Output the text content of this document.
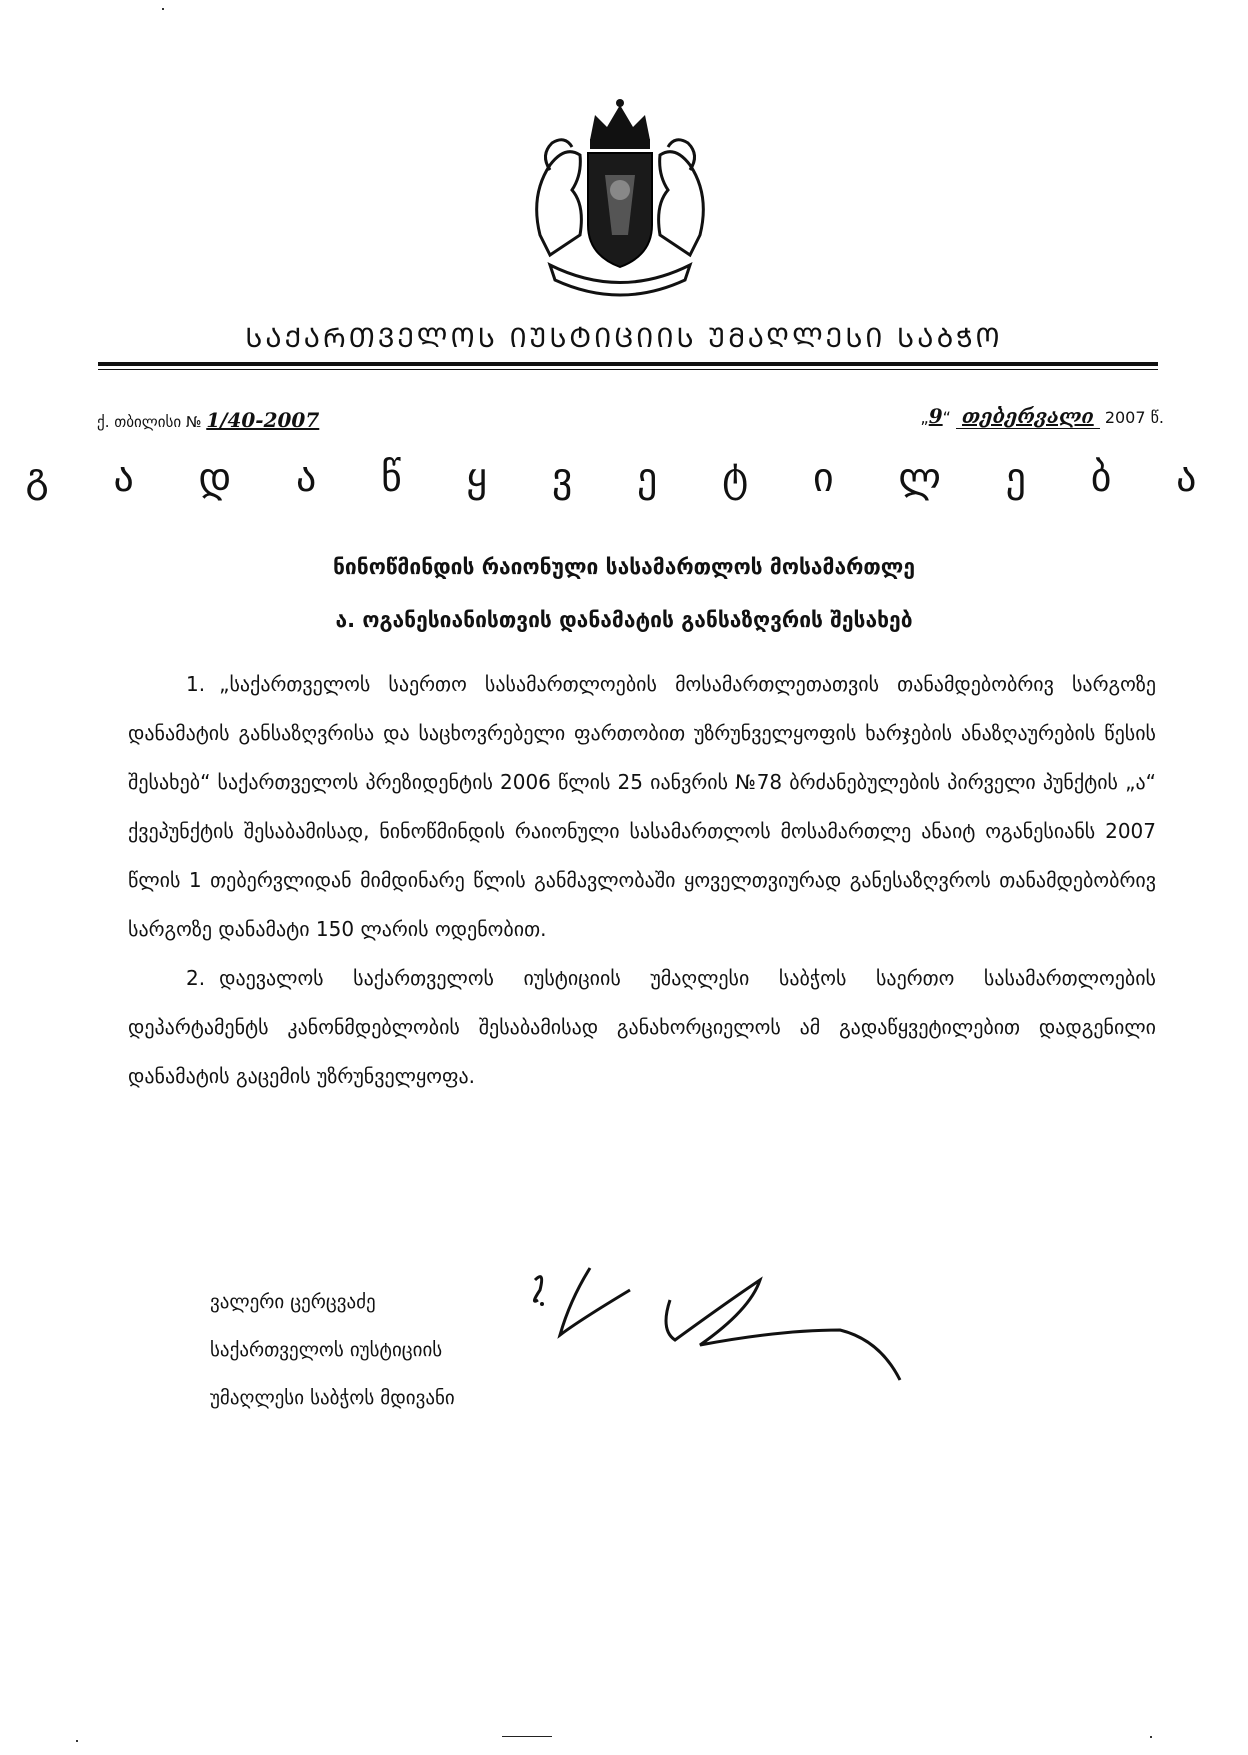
ᲡᲐᲥᲐᲠᲗᲕᲔᲚᲝᲡ ᲘᲣᲡᲢᲘᲪᲘᲘᲡ ᲣᲛᲐᲦᲚᲔᲡᲘ ᲡᲐᲑᲭᲝ
ქ. თბილისი № 1/40-2007	„9“ თებერვალი 2007 წ.
გ ა დ ა წ ყ ვ ე ტ ი ლ ე ბ ა
ნინოწმინდის რაიონული სასამართლოს მოსამართლე
ა. ოგანესიანისთვის დანამატის განსაზღვრის შესახებ

1. „საქართველოს საერთო სასამართლოების მოსამართლეთათვის თანამდებობრივ სარგოზე დანამატის განსაზღვრისა და საცხოვრებელი ფართობით უზრუნველყოფის ხარჯების ანაზღაურების წესის შესახებ“ საქართველოს პრეზიდენტის 2006 წლის 25 იანვრის №78 ბრძანებულების პირველი პუნქტის „ა“ ქვეპუნქტის შესაბამისად, ნინოწმინდის რაიონული სასამართლოს მოსამართლე ანაიტ ოგანესიანს 2007 წლის 1 თებერვლიდან მიმდინარე წლის განმავლობაში ყოველთვიურად განესაზღვროს თანამდებობრივ სარგოზე დანამატი 150 ლარის ოდენობით.

2. დაევალოს საქართველოს იუსტიციის უმაღლესი საბჭოს საერთო სასამართლოების დეპარტამენტს კანონმდებლობის შესაბამისად განახორციელოს ამ გადაწყვეტილებით დადგენილი დანამატის გაცემის უზრუნველყოფა.

ვალერი ცერცვაძე
საქართველოს იუსტიციის
უმაღლესი საბჭოს მდივანი
